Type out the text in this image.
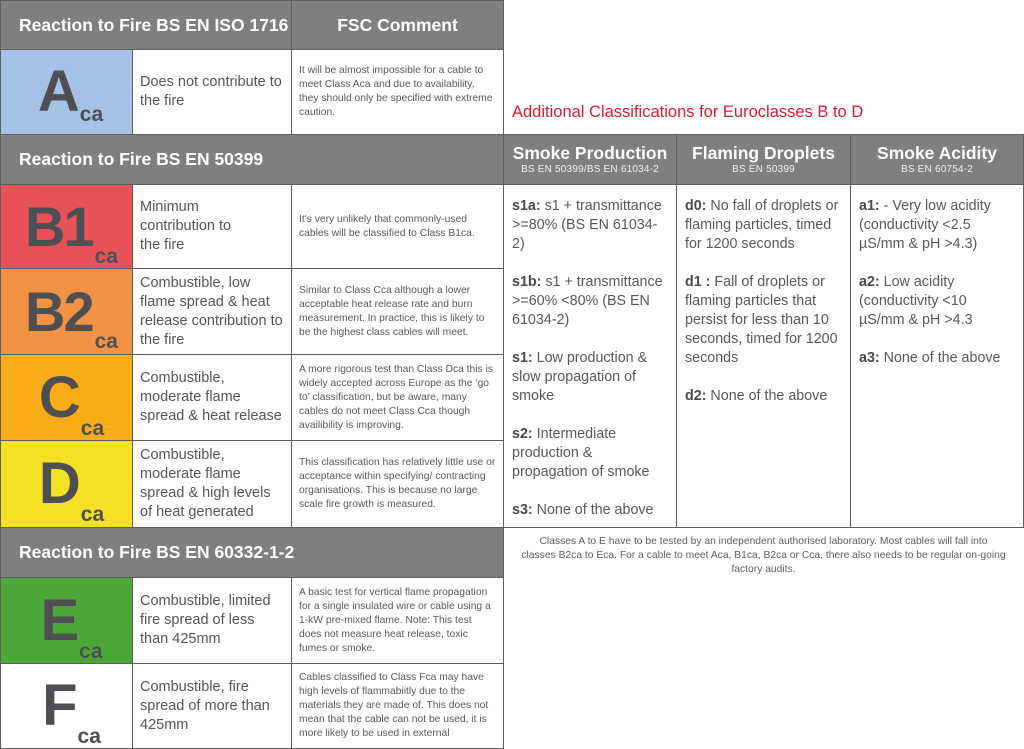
Reaction to Fire BS EN ISO 1716	FSC Comment
A ca
Does not contribute to the fire
It will be almost impossible for a cable to meet Class Aca and due to availability, they should only be specified with extreme caution.
Reaction to Fire BS EN 50399
B1 ca
Minimum contribution to the fire
It's very unlikely that commonly-used cables will be classified to Class B1ca.
B2 ca
Combustible, low flame spread & heat release contribution to the fire
Similar to Class Cca although a lower acceptable heat release rate and burn measurement. In practice, this is likely to be the highest class cables will meet.
C ca
Combustible, moderate flame spread & heat release
A more rigorous test than Class Dca this is widely accepted across Europe as the ‘go to’ classification, but be aware, many cables do not meet Class Cca though availibility is improving.
D ca
Combustible, moderate flame spread & high levels of heat generated
This classification has relatively little use or acceptance within specifying/ contracting organisations. This is because no large scale fire growth is measured.
Reaction to Fire BS EN 60332-1-2
E ca
Combustible, limited fire spread of less than 425mm
A basic test for vertical flame propagation for a single insulated wire or cable using a 1-kW pre-mixed flame. Note: This test does not measure heat release, toxic fumes or smoke.
F ca
Combustible, fire spread of more than 425mm
Cables classified to Class Fca may have high levels of flammabiitly due to the materials they are made of. This does not mean that the cable can not be used, it is more likely to be used in external
Additional Classifications for Euroclasses B to D
Smoke Production
BS EN 50399/BS EN 61034-2
Flaming Droplets
BS EN 50399
Smoke Acidity
BS EN 60754-2

s1a: s1 + transmittance >=80% (BS EN 61034-2)

s1b: s1 + transmittance >=60% <80% (BS EN 61034-2)

s1: Low production & slow propagation of smoke

s2: Intermediate production & propagation of smoke

s3: None of the above

d0: No fall of droplets or flaming particles, timed for 1200 seconds

d1 : Fall of droplets or flaming particles that persist for less than 10 seconds, timed for 1200 seconds

d2: None of the above

a1: - Very low acidity (conductivity <2.5 µS/mm & pH >4.3)

a2: Low acidity (conductivity <10 µS/mm & pH >4.3

a3: None of the above

Classes A to E have to be tested by an independent authorised laboratory. Most cables will fall into classes B2ca to Eca. For a cable to meet Aca, B1ca, B2ca or Cca, there also needs to be regular on-going factory audits.
